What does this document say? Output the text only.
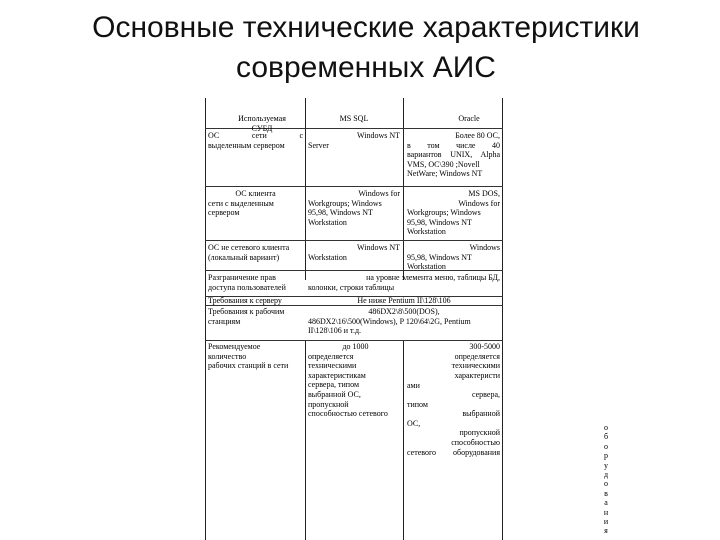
Основные технические характеристики
современных АИС
Используемая СУБД
MS SQL	Oracle
ОС сети с
выделенным сервером
Windows NT
Server
Более 80 ОС,
в том числе 40
вариантов UNIX, Alpha
VMS, OC\390 ;Novell
NetWare; Windows NT
ОС клиента
сети с выделенным
сервером
Windows for
Workgroups; Windows
95,98, Windows NT
Workstation
MS DOS,
Windows for
Workgroups; Windows
95,98, Windows NT
Workstation
ОС не сетевого клиента
(локальный вариант)
Windows NT
Workstation
Windows
95,98, Windows NT
Workstation
Разграничение прав
доступа пользователей
на уровне элемента меню, таблицы БД,
колонки, строки таблицы
Требования к серверу	Не ниже Pentium II\128\106
Требования к рабочим
станциям
486DX2\8\500(DOS),
486DX2\16\500(Windows), P 120\64\2G, Pentium
II\128\106 и т.д.
Рекомендуемое
количество
рабочих станций в сети
до 1000
определяется
техническими
характеристикам
сервера, типом
выбранной ОС,
пропускной
способностью сетевого
ами

типом

ОС,

сетевого
300-5000
определяется
техническими
характеристи

сервера,

выбранной

пропускной
способностью
оборудования
о
б
о
р
у
д
о
в
а
н
и
я
